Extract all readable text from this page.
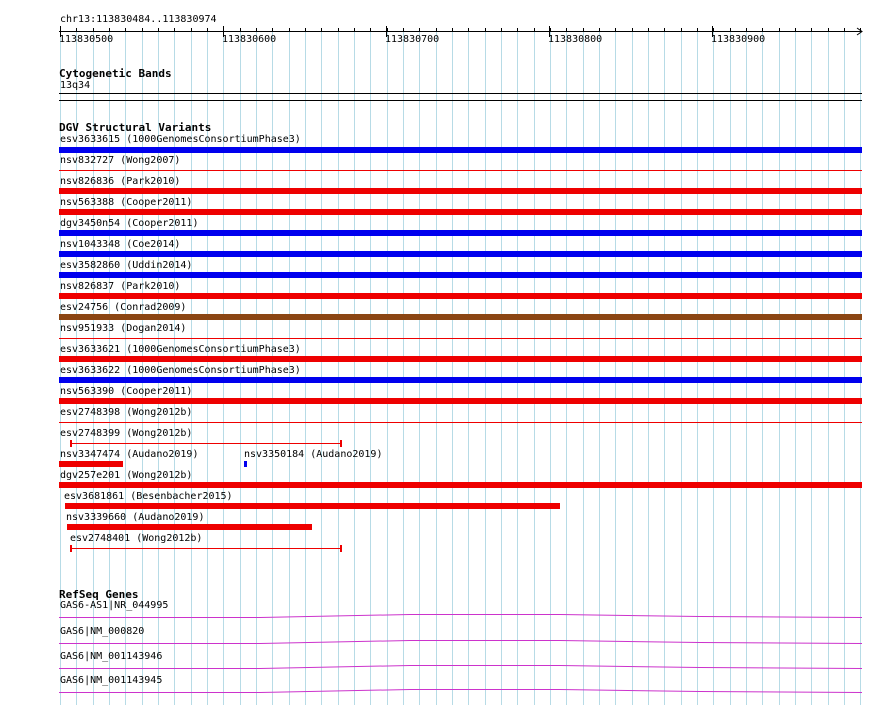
chr13:113830484..113830974
113830500	113830600	113830700	113830800	113830900
Cytogenetic Bands
13q34
DGV Structural Variants
esv3633615 (1000GenomesConsortiumPhase3)
nsv832727 (Wong2007)
nsv826836 (Park2010)
nsv563388 (Cooper2011)
dgv3450n54 (Cooper2011)
nsv1043348 (Coe2014)
esv3582860 (Uddin2014)
nsv826837 (Park2010)
esv24756 (Conrad2009)
nsv951933 (Dogan2014)
esv3633621 (1000GenomesConsortiumPhase3)
esv3633622 (1000GenomesConsortiumPhase3)
nsv563390 (Cooper2011)
esv2748398 (Wong2012b)
esv2748399 (Wong2012b)
nsv3347474 (Audano2019)	nsv3350184 (Audano2019)
dgv257e201 (Wong2012b)
esv3681861 (Besenbacher2015)
nsv3339660 (Audano2019)
esv2748401 (Wong2012b)
RefSeq Genes
GAS6-AS1|NR_044995
GAS6|NM_000820
GAS6|NM_001143946
GAS6|NM_001143945
